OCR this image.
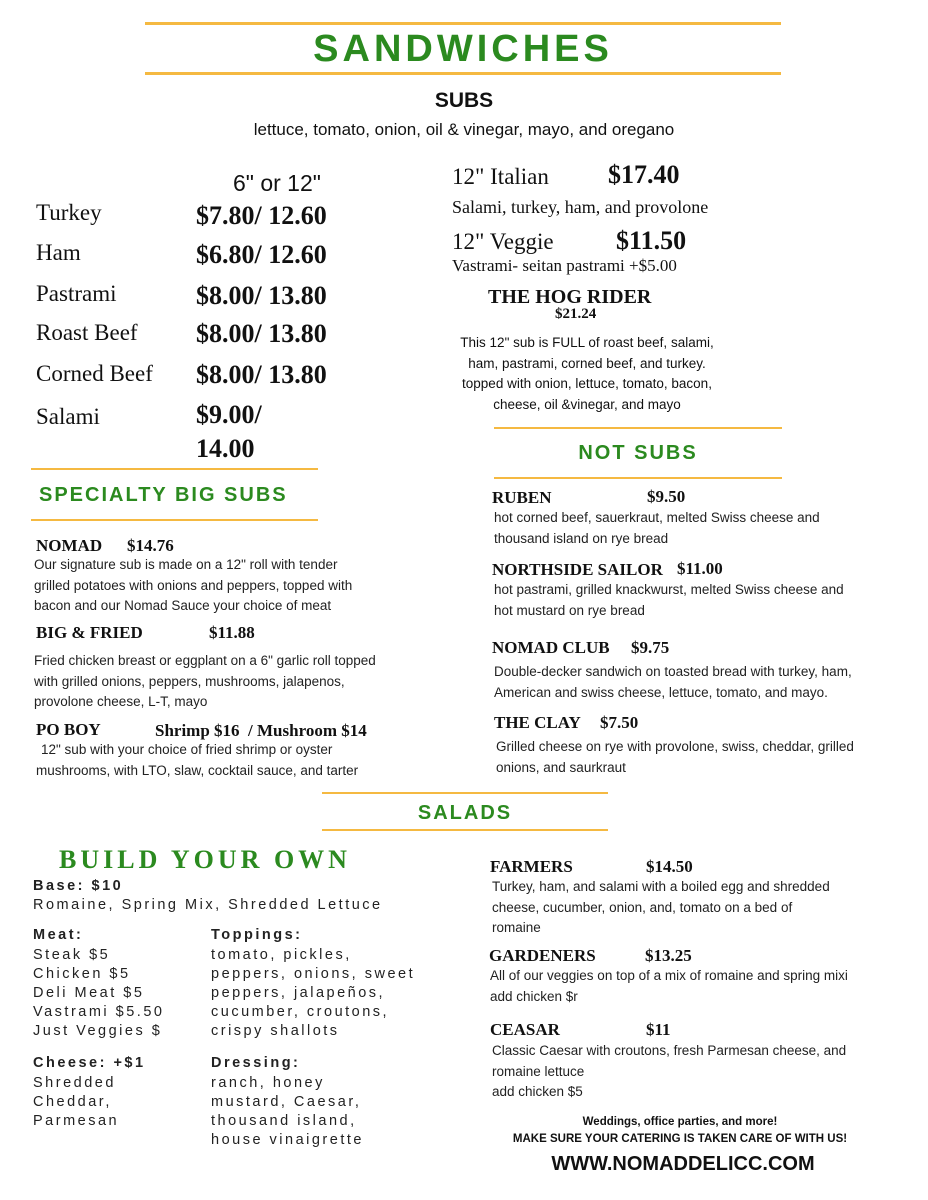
SANDWICHES
SUBS
lettuce, tomato, onion, oil & vinegar, mayo, and oregano
6" or 12"
Turkey	$7.80/ 12.60
Ham	$6.80/ 12.60
Pastrami	$8.00/ 13.80
Roast Beef $8.00/ 13.80
Corned Beef $8.00/ 13.80
Salami	$9.00/
14.00
12" Italian $17.40
Salami, turkey, ham, and provolone
12" Veggie $11.50
Vastrami- seitan pastrami +$5.00
THE HOG RIDER
$21.24
This 12" sub is FULL of roast beef, salami,
ham, pastrami, corned beef, and turkey.
topped with onion, lettuce, tomato, bacon,
cheese, oil &vinegar, and mayo
SPECIALTY BIG SUBS
NOMAD $14.76
Our signature sub is made on a 12" roll with tender
grilled potatoes with onions and peppers, topped with
bacon and our Nomad Sauce your choice of meat
BIG & FRIED	$11.88
Fried chicken breast or eggplant on a 6" garlic roll topped
with grilled onions, peppers, mushrooms, jalapenos,
provolone cheese, L-T, mayo
PO BOY	Shrimp $16  / Mushroom $14
12" sub with your choice of fried shrimp or oyster
mushrooms, with LTO, slaw, cocktail sauce, and tarter
NOT SUBS
RUBEN	$9.50
hot corned beef, sauerkraut, melted Swiss cheese and
thousand island on rye bread
NORTHSIDE SAILOR $11.00
hot pastrami, grilled knackwurst, melted Swiss cheese and
hot mustard on rye bread
NOMAD CLUB $9.75
Double-decker sandwich on toasted bread with turkey, ham,
American and swiss cheese, lettuce, tomato, and mayo.
THE CLAY $7.50
Grilled cheese on rye with provolone, swiss, cheddar, grilled
onions, and saurkraut
SALADS
BUILD YOUR OWN
Base: $10
Romaine, Spring Mix, Shredded Lettuce
Meat:
Steak $5
Chicken $5
Deli Meat $5
Vastrami $5.50
Just Veggies $
Toppings:
tomato, pickles,
peppers, onions, sweet
peppers, jalapeños,
cucumber, croutons,
crispy shallots
Cheese: +$1
Shredded
Cheddar,
Parmesan
Dressing:
ranch, honey
mustard, Caesar,
thousand island,
house vinaigrette
FARMERS	$14.50
Turkey, ham, and salami with a boiled egg and shredded
cheese, cucumber, onion, and, tomato on a bed of
romaine
GARDENERS	$13.25
All of our veggies on top of a mix of romaine and spring mixi
add chicken $r
CEASAR	$11
Classic Caesar with croutons, fresh Parmesan cheese, and
romaine lettuce
add chicken $5
Weddings, office parties, and more!
MAKE SURE YOUR CATERING IS TAKEN CARE OF WITH US!
WWW.NOMADDELICC.COM
